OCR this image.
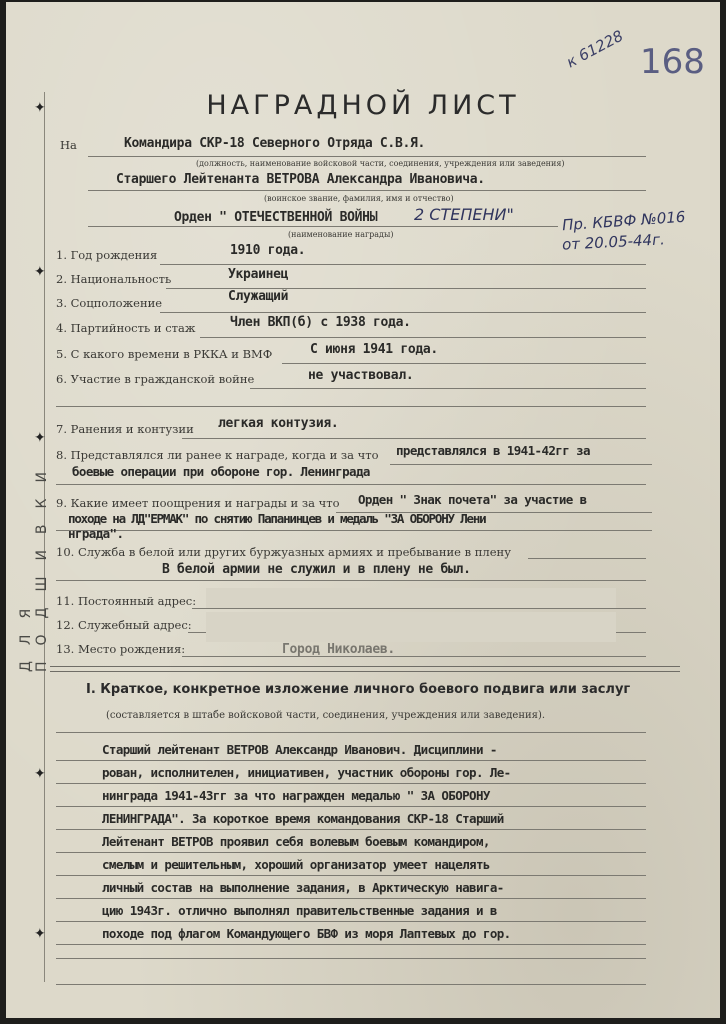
✦
✦
✦
✦
✦
ДЛЯ ПОДШИВКИ
к 61228 168
НАГРАДНОЙ ЛИСТ
На	Командира СКР-18 Северного Отряда С.В.Я.
(должность, наименование войсковой части, соединения, учреждения или заведения)
Старшего Лейтенанта ВЕТРОВА Александра Ивановича.
(воинское звание, фамилия, имя и отчество)
Орден " ОТЕЧЕСТВЕННОЙ ВОЙНЫ 2 СТЕПЕНИ"
(наименование награды)
Пр. КБВФ №016
от 20.05-44г.
1. Год рождения	1910 года.
2. Национальность	Украинец
3. Соцположение	Служащий
4. Партийность и стаж	Член ВКП(б) с 1938 года.
5. С какого времени в РККА и ВМФ	С июня 1941 года.
6. Участие в гражданской войне	не участвовал.
7. Ранения и контузии легкая контузия.
8. Представлялся ли ранее к награде, когда и за что представлялся в 1941-42гг за
боевые операции при обороне гор. Ленинграда
9. Какие имеет поощрения и награды и за что Орден " Знак почета" за участие в
походе на ЛД"ЕРМАК" по снятию Папанинцев и медаль "ЗА ОБОРОНУ Лени
нграда".
10. Служба в белой или других буржуазных армиях и пребывание в плену
В белой армии не служил и в плену не был.
11. Постоянный адрес:
12. Служебный адрес:
13. Место рождения:	Город Николаев.
I. Краткое, конкретное изложение личного боевого подвига или заслуг
(составляется в штабе войсковой части, соединения, учреждения или заведения).
Старший лейтенант ВЕТРОВ Александр Иванович. Дисциплини -
рован, исполнителен, инициативен, участник обороны гор. Ле-
нинграда 1941-43гг за что награжден медалью " ЗА ОБОРОНУ
ЛЕНИНГРАДА". За короткое время командования СКР-18 Старший
Лейтенант ВЕТРОВ проявил себя волевым боевым командиром,
смелым и решительным, хороший организатор умеет нацелять
личный состав на выполнение задания, в Арктическую навига-
цию 1943г. отлично выполнял правительственные задания и в
походе под флагом Командующего БВФ из моря Лаптевых до гор.
